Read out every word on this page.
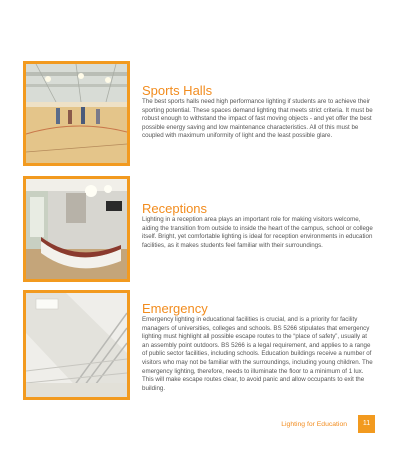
Sports Halls

The best sports halls need high performance lighting if students are to achieve their sporting potential. These spaces demand lighting that meets strict criteria. It must be robust enough to withstand the impact of fast moving objects - and yet offer the best possible energy saving and low maintenance characteristics. All of this must be coupled with maximum uniformity of light and the least possible glare.

Receptions

Lighting in a reception area plays an important role for making visitors welcome, aiding the transition from outside to inside the heart of the campus, school or college itself. Bright, yet comfortable lighting is ideal for reception environments in education facilities, as it makes students feel familiar with their surroundings.

Emergency

Emergency lighting in educational facilities is crucial, and is a priority for facility managers of universities, colleges and schools. BS 5266 stipulates that emergency lighting must highlight all possible escape routes to the “place of safety”, usually at an assembly point outdoors. BS 5266 is a legal requirement, and applies to a range of public sector facilities, including schools. Education buildings receive a number of visitors who may not be familiar with the surroundings, including young children. The emergency lighting, therefore, needs to illuminate the floor to a minimum of 1 lux. This will make escape routes clear, to avoid panic and allow occupants to exit the building.

Lighting for Education	11
